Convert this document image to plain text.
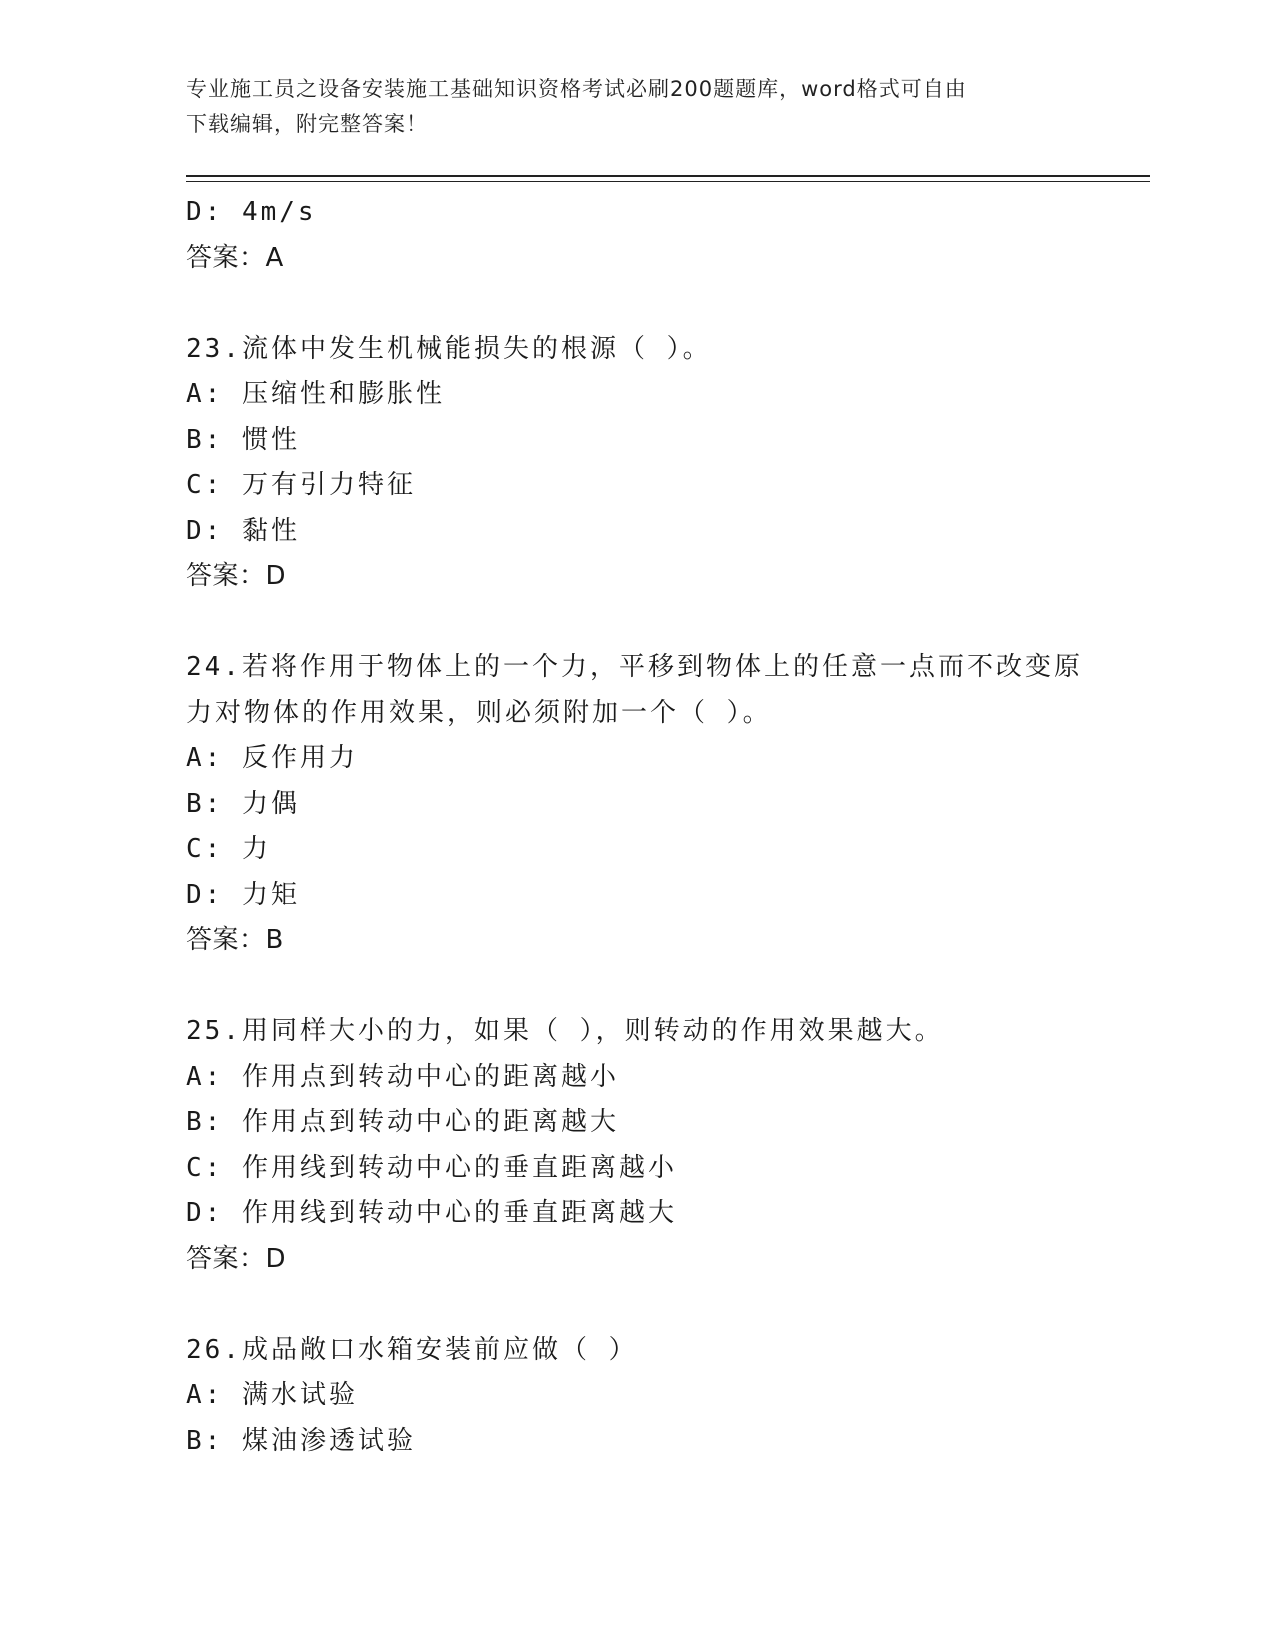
专业施工员之设备安装施工基础知识资格考试必刷200题题库，word格式可自由
下载编辑，附完整答案！
D: 4m/s
答案：A
23.流体中发生机械能损失的根源（ ）。
A: 压缩性和膨胀性
B: 惯性
C: 万有引力特征
D: 黏性
答案：D
24.若将作用于物体上的一个力，平移到物体上的任意一点而不改变原
力对物体的作用效果，则必须附加一个（ ）。
A: 反作用力
B: 力偶
C: 力
D: 力矩
答案：B
25.用同样大小的力，如果（ ），则转动的作用效果越大。
A: 作用点到转动中心的距离越小
B: 作用点到转动中心的距离越大
C: 作用线到转动中心的垂直距离越小
D: 作用线到转动中心的垂直距离越大
答案：D
26.成品敞口水箱安装前应做（ ）
A: 满水试验
B: 煤油渗透试验
